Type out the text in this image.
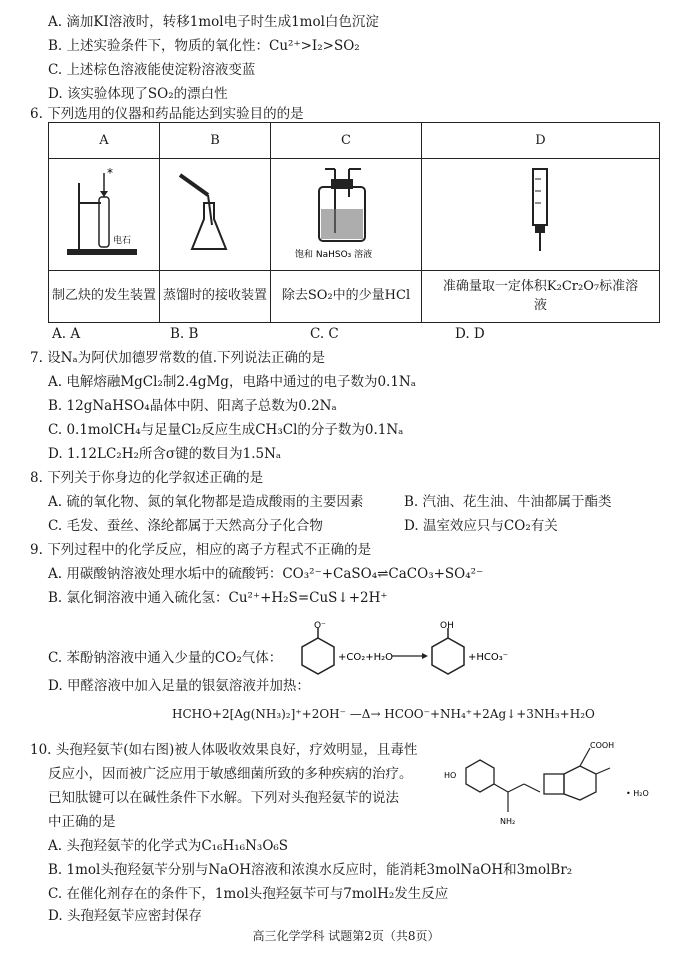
A. 滴加KI溶液时，转移1mol电子时生成1mol白色沉淀
B. 上述实验条件下，物质的氧化性：Cu²⁺>I₂>SO₂
C. 上述棕色溶液能使淀粉溶液变蓝
D. 该实验体现了SO₂的漂白性
6. 下列选用的仪器和药品能达到实验目的的是
A	B	C	D

*
电石		饱和 NaHSO₃ 溶液

制乙炔的发生装置	蒸馏时的接收装置	除去SO₂中的少量HCl	准确量取一定体积K₂Cr₂O₇标准溶液
A. A	B. B	C. C	D. D
7. 设Nₐ为阿伏加德罗常数的值.下列说法正确的是
A. 电解熔融MgCl₂制2.4gMg，电路中通过的电子数为0.1Nₐ
B. 12gNaHSO₄晶体中阴、阳离子总数为0.2Nₐ
C. 0.1molCH₄与足量Cl₂反应生成CH₃Cl的分子数为0.1Nₐ
D. 1.12LC₂H₂所含σ键的数目为1.5Nₐ
8. 下列关于你身边的化学叙述正确的是
A. 硫的氧化物、氮的氧化物都是造成酸雨的主要因素	B. 汽油、花生油、牛油都属于酯类
C. 毛发、蚕丝、涤纶都属于天然高分子化合物	D. 温室效应只与CO₂有关
9. 下列过程中的化学反应，相应的离子方程式不正确的是
A. 用碳酸钠溶液处理水垢中的硫酸钙：CO₃²⁻+CaSO₄⇌CaCO₃+SO₄²⁻
B. 氯化铜溶液中通入硫化氢：Cu²⁺+H₂S=CuS↓+2H⁺
C. 苯酚钠溶液中通入少量的CO₂气体：
O⁻
+CO₂+H₂O
OH
+HCO₃⁻
D. 甲醛溶液中加入足量的银氨溶液并加热：
HCHO+2[Ag(NH₃)₂]⁺+2OH⁻ —Δ→ HCOO⁻+NH₄⁺+2Ag↓+3NH₃+H₂O
10. 头孢羟氨苄(如右图)被人体吸收效果良好，疗效明显，且毒性
反应小，因而被广泛应用于敏感细菌所致的多种疾病的治疗。
已知肽键可以在碱性条件下水解。下列对头孢羟氨苄的说法
中正确的是
HO
NH₂
COOH
• H₂O
A. 头孢羟氨苄的化学式为C₁₆H₁₆N₃O₆S
B. 1mol头孢羟氨苄分别与NaOH溶液和浓溴水反应时，能消耗3molNaOH和3molBr₂
C. 在催化剂存在的条件下，1mol头孢羟氨苄可与7molH₂发生反应
D. 头孢羟氨苄应密封保存
高三化学学科 试题第2页（共8页）
